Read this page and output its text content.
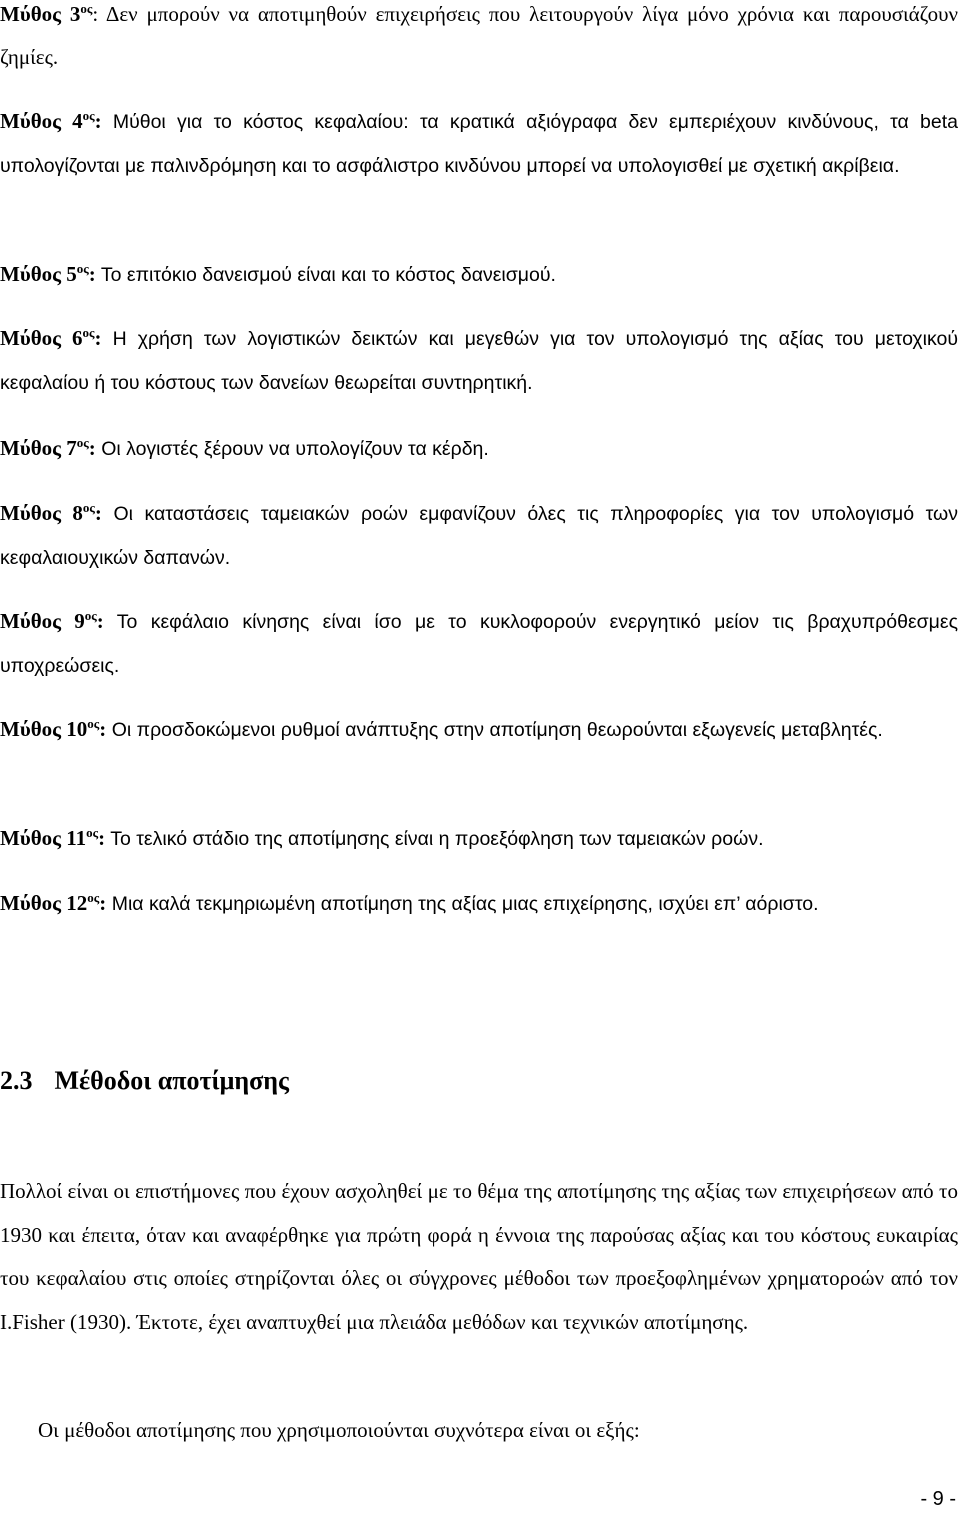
Μύθος $3^{o\varsigma}$: Δεν μπορούν να αποτιμηθούν επιχειρήσεις που λειτουργούν λίγα μόνο χρόνια και παρουσιάζουν ζημίες.

Μύθος $4^{o\varsigma}$: Μύθοι για το κόστος κεφαλαίου: τα κρατικά αξιόγραφα δεν εμπεριέχουν κινδύνους, τα beta υπολογίζονται με παλινδρόμηση και το ασφάλιστρο κινδύνου μπορεί να υπολογισθεί με σχετική ακρίβεια.

Μύθος $5^{o\varsigma}$: Το επιτόκιο δανεισμού είναι και το κόστος δανεισμού.

Μύθος $6^{o\varsigma}$: Η χρήση των λογιστικών δεικτών και μεγεθών για τον υπολογισμό της αξίας του μετοχικού κεφαλαίου ή του κόστους των δανείων θεωρείται συντηρητική.

Μύθος $7^{o\varsigma}$: Οι λογιστές ξέρουν να υπολογίζουν τα κέρδη.

Μύθος $8^{o\varsigma}$: Οι καταστάσεις ταμειακών ροών εμφανίζουν όλες τις πληροφορίες για τον υπολογισμό των κεφαλαιουχικών δαπανών.

Μύθος $9^{o\varsigma}$: Το κεφάλαιο κίνησης είναι ίσο με το κυκλοφορούν ενεργητικό μείον τις βραχυπρόθεσμες υποχρεώσεις.

Μύθος $10^{o\varsigma}$: Οι προσδοκώμενοι ρυθμοί ανάπτυξης στην αποτίμηση θεωρούνται εξωγενείς μεταβλητές.

Μύθος $11^{o\varsigma}$: Το τελικό στάδιο της αποτίμησης είναι η προεξόφληση των ταμειακών ροών.

Μύθος $12^{o\varsigma}$: Μια καλά τεκμηριωμένη αποτίμηση της αξίας μιας επιχείρησης, ισχύει επ’ αόριστο.

2.3 Μέθοδοι αποτίμησης

Πολλοί είναι οι επιστήμονες που έχουν ασχοληθεί με το θέμα της αποτίμησης της αξίας των επιχειρήσεων από το 1930 και έπειτα, όταν και αναφέρθηκε για πρώτη φορά η έννοια της παρούσας αξίας και του κόστους ευκαιρίας του κεφαλαίου στις οποίες στηρίζονται όλες οι σύγχρονες μέθοδοι των προεξοφλημένων χρηματοροών από τον I.Fisher (1930). Έκτοτε, έχει αναπτυχθεί μια πλειάδα μεθόδων και τεχνικών αποτίμησης.

Οι μέθοδοι αποτίμησης που χρησιμοποιούνται συχνότερα είναι οι εξής:

- 9 -
